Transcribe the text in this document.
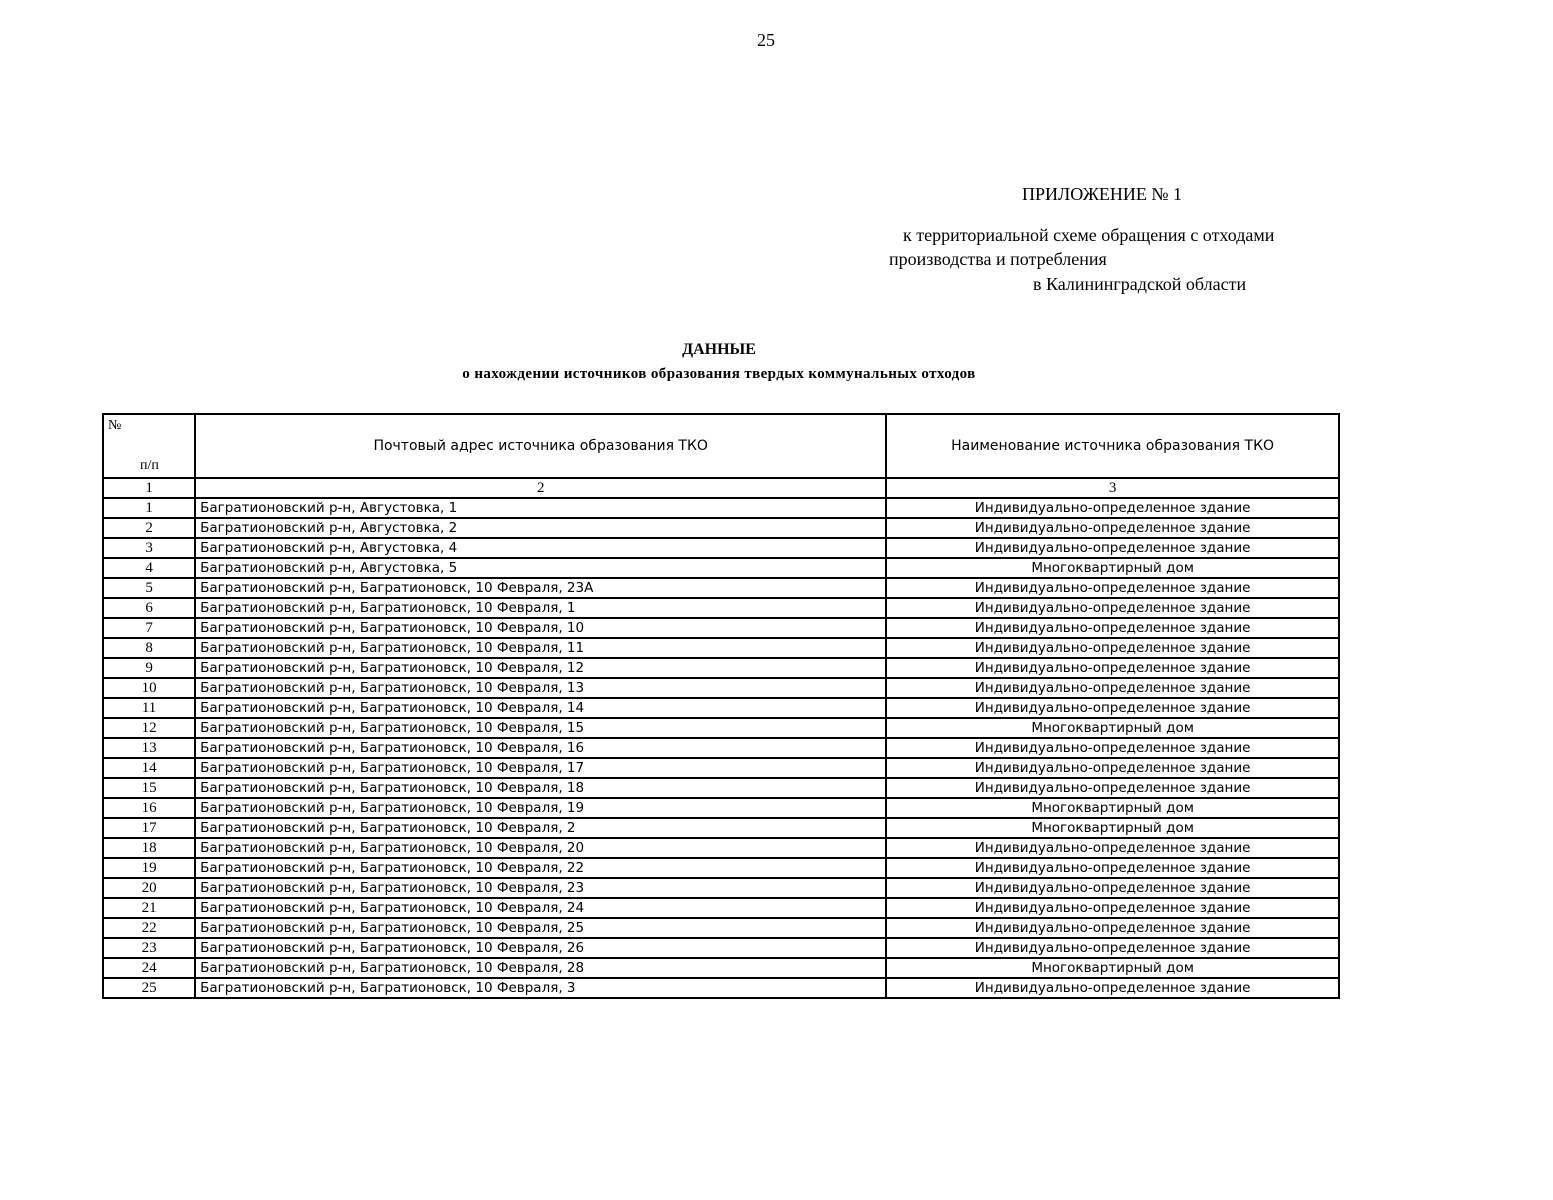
25
ПРИЛОЖЕНИЕ № 1
к территориальной схеме обращения с отходами
производства и потребления
в Калининградской области
ДАННЫЕ
о нахождении источников образования твердых коммунальных отходов
№
п/п	Почтовый адрес источника образования ТКО	Наименование источника образования ТКО
1	2	3
1	Багратионовский р-н, Августовка, 1	Индивидуально-определенное здание
2	Багратионовский р-н, Августовка, 2	Индивидуально-определенное здание
3	Багратионовский р-н, Августовка, 4	Индивидуально-определенное здание
4	Багратионовский р-н, Августовка, 5	Многоквартирный дом
5	Багратионовский р-н, Багратионовск, 10 Февраля, 23А	Индивидуально-определенное здание
6	Багратионовский р-н, Багратионовск, 10 Февраля, 1	Индивидуально-определенное здание
7	Багратионовский р-н, Багратионовск, 10 Февраля, 10	Индивидуально-определенное здание
8	Багратионовский р-н, Багратионовск, 10 Февраля, 11	Индивидуально-определенное здание
9	Багратионовский р-н, Багратионовск, 10 Февраля, 12	Индивидуально-определенное здание
10	Багратионовский р-н, Багратионовск, 10 Февраля, 13	Индивидуально-определенное здание
11	Багратионовский р-н, Багратионовск, 10 Февраля, 14	Индивидуально-определенное здание
12	Багратионовский р-н, Багратионовск, 10 Февраля, 15	Многоквартирный дом
13	Багратионовский р-н, Багратионовск, 10 Февраля, 16	Индивидуально-определенное здание
14	Багратионовский р-н, Багратионовск, 10 Февраля, 17	Индивидуально-определенное здание
15	Багратионовский р-н, Багратионовск, 10 Февраля, 18	Индивидуально-определенное здание
16	Багратионовский р-н, Багратионовск, 10 Февраля, 19	Многоквартирный дом
17	Багратионовский р-н, Багратионовск, 10 Февраля, 2	Многоквартирный дом
18	Багратионовский р-н, Багратионовск, 10 Февраля, 20	Индивидуально-определенное здание
19	Багратионовский р-н, Багратионовск, 10 Февраля, 22	Индивидуально-определенное здание
20	Багратионовский р-н, Багратионовск, 10 Февраля, 23	Индивидуально-определенное здание
21	Багратионовский р-н, Багратионовск, 10 Февраля, 24	Индивидуально-определенное здание
22	Багратионовский р-н, Багратионовск, 10 Февраля, 25	Индивидуально-определенное здание
23	Багратионовский р-н, Багратионовск, 10 Февраля, 26	Индивидуально-определенное здание
24	Багратионовский р-н, Багратионовск, 10 Февраля, 28	Многоквартирный дом
25	Багратионовский р-н, Багратионовск, 10 Февраля, 3	Индивидуально-определенное здание
